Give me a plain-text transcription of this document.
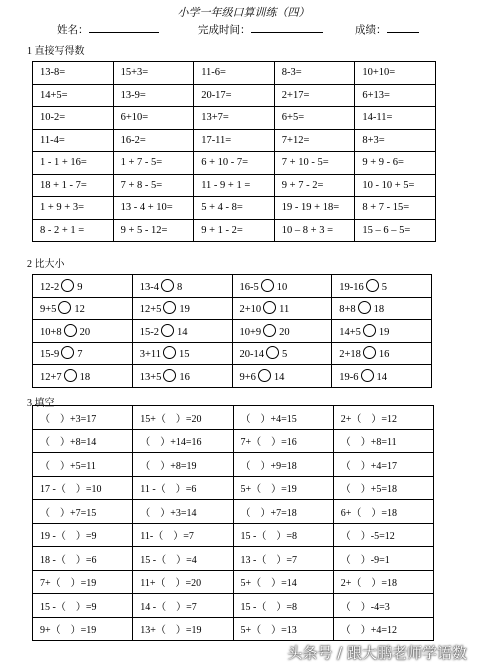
小学一年级口算训练（四）
姓名：	完成时间：	成绩：
1 直接写得数
13-8=	15+3=	11-6=	8-3=	10+10=
14+5=	13-9=	20-17=	2+17=	6+13=
10-2=	6+10=	13+7=	6+5=	14-11=
11-4=	16-2=	17-11=	7+12=	8+3=
1 - 1 + 16=	1 + 7 - 5=	6 + 10 - 7=	7 + 10 - 5=	9 + 9 - 6=
18 + 1 - 7=	7 + 8 - 5=	11 - 9 + 1 =	9 + 7 - 2=	10 - 10 + 5=
1 + 9 + 3=	13 - 4 + 10=	5 + 4 - 8=	19 - 19 + 18=	8 + 7 - 15=
8 - 2 + 1 =	9 + 5 - 12=	9 + 1 - 2=	10 – 8 + 3 =	15 – 6 – 5=
2 比大小
12-2 9	13-4 8	16-5 10	19-16 5
9+5 12	12+5 19	2+10 11	8+8 18
10+8 20	15-2 14	10+9 20	14+5 19
15-9 7	3+11 15	20-14 5	2+18 16
12+7 18	13+5 16	9+6 14	19-6 14
3 填空
（　）+3=17	15+（　）=20	（　）+4=15	2+（　）=12
（　）+8=14	（　）+14=16	7+（　）=16	（　）+8=11
（　）+5=11	（　）+8=19	（　）+9=18	（　）+4=17
17 -（　）=10	11 -（　）=6	5+（　）=19	（　）+5=18
（　）+7=15	（　）+3=14	（　）+7=18	6+（　）=18
19 -（　）=9	11-（　）=7	15 -（　）=8	（　）-5=12
18 -（　）=6	15 -（　）=4	13 -（　）=7	（　）-9=1
7+（　）=19	11+（　）=20	5+（　）=14	2+（　）=18
15 -（　）=9	14 -（　）=7	15 -（　）=8	（　）-4=3
9+（　）=19	13+（　）=19	5+（　）=13	（　）+4=12
头条号 / 跟大鹏老师学语数
